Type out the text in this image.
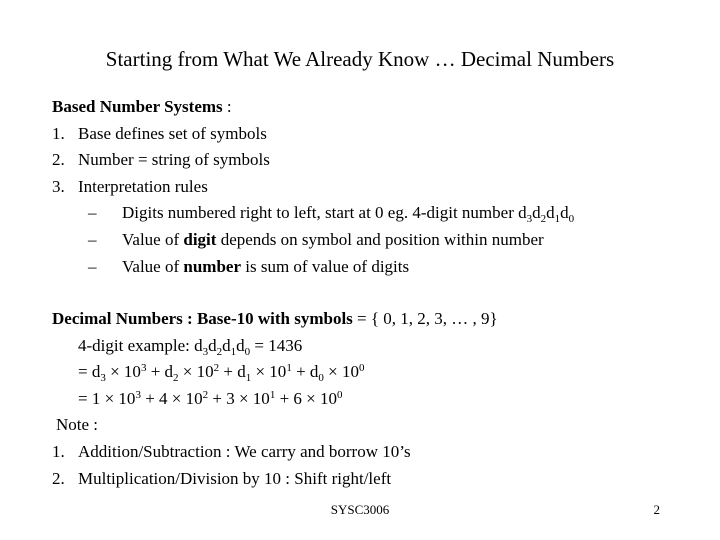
Starting from What We Already Know … Decimal Numbers
Based Number Systems :
1. Base defines set of symbols
2. Number = string of symbols
3. Interpretation rules
– Digits numbered right to left, start at 0 eg. 4-digit number $d_3d_2d_1d_0$
– Value of digit depends on symbol and position within number
– Value of number is sum of value of digits
Decimal Numbers : Base-10 with symbols = { 0, 1, 2, 3, … , 9}
4-digit example: $d_3d_2d_1d_0 = 1436$
= $d_3 \times 10^3 + d_2 \times 10^2 + d_1 \times 10^1 + d_0 \times 10^0$
= $1 \times 10^3 + 4 \times 10^2 + 3 \times 10^1 + 6 \times 10^0$
Note :
1. Addition/Subtraction : We carry and borrow 10’s
2. Multiplication/Division by 10 : Shift right/left
SYSC3006	2
